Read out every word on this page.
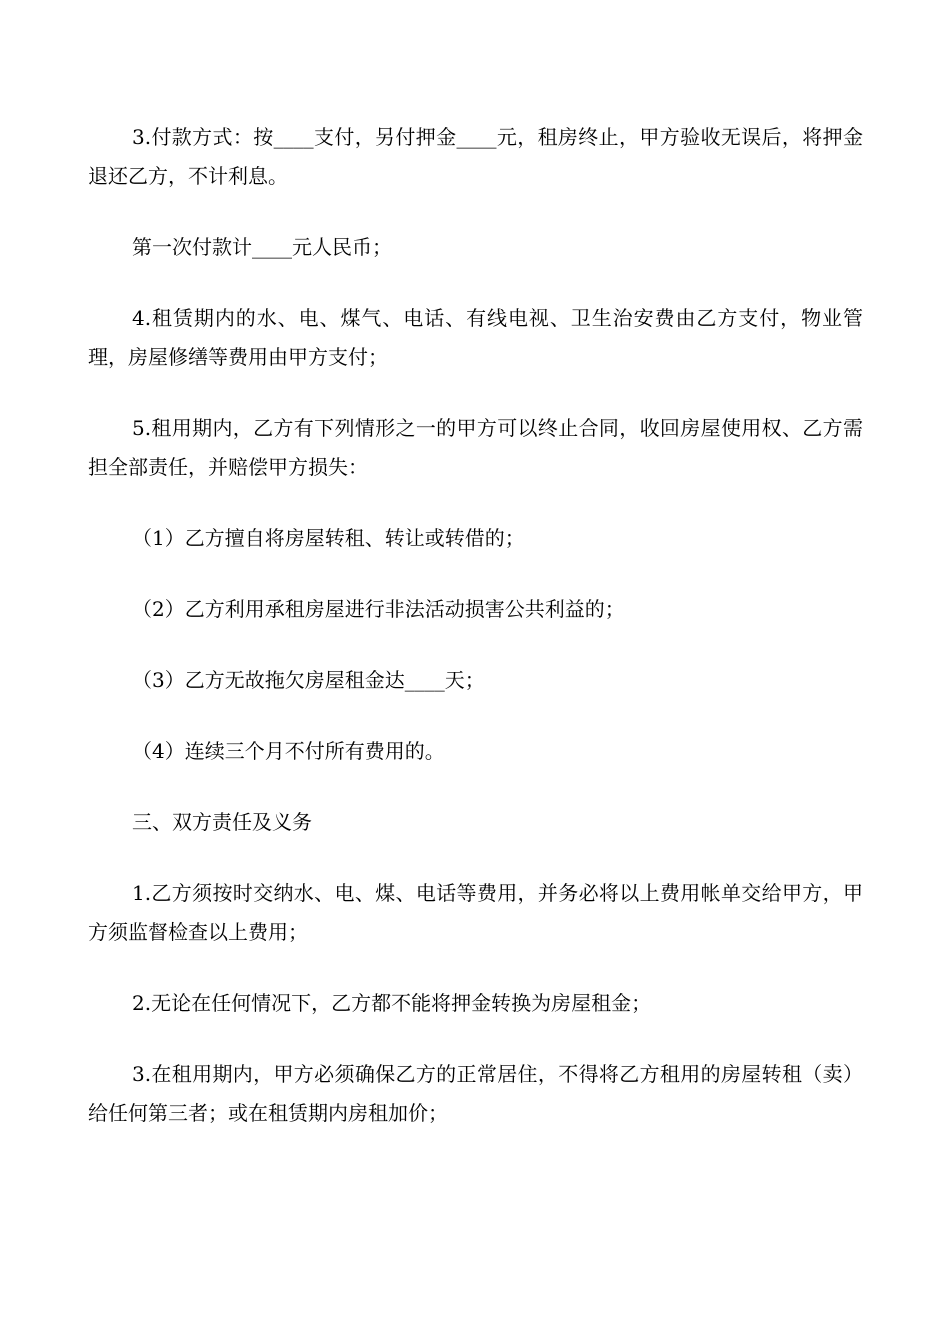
3.付款方式：按____支付，另付押金____元，租房终止，甲方验收无误后，将押金退还乙方，不计利息。

第一次付款计____元人民币；

4.租赁期内的水、电、煤气、电话、有线电视、卫生治安费由乙方支付，物业管理，房屋修缮等费用由甲方支付；

5.租用期内，乙方有下列情形之一的甲方可以终止合同，收回房屋使用权、乙方需担全部责任，并赔偿甲方损失：

（1）乙方擅自将房屋转租、转让或转借的；

（2）乙方利用承租房屋进行非法活动损害公共利益的；

（3）乙方无故拖欠房屋租金达____天；

（4）连续三个月不付所有费用的。

三、双方责任及义务

1.乙方须按时交纳水、电、煤、电话等费用，并务必将以上费用帐单交给甲方，甲方须监督检查以上费用；

2.无论在任何情况下，乙方都不能将押金转换为房屋租金；

3.在租用期内，甲方必须确保乙方的正常居住，不得将乙方租用的房屋转租（卖）给任何第三者；或在租赁期内房租加价；
